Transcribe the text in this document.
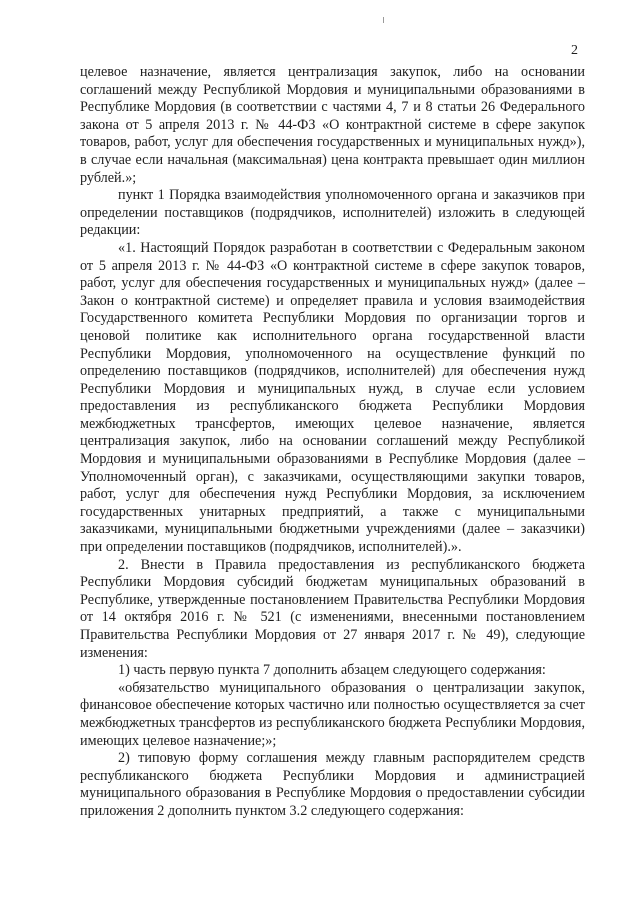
2

целевое назначение, является централизация закупок, либо на основании соглашений между Республикой Мордовия и муниципальными образованиями в Республике Мордовия (в соответствии с частями 4, 7 и 8 статьи 26 Федерального закона от 5 апреля 2013 г. № 44-ФЗ «О контрактной системе в сфере закупок товаров, работ, услуг для обеспечения государственных и муниципальных нужд»), в случае если начальная (максимальная) цена контракта превышает один миллион рублей.»;

пункт 1 Порядка взаимодействия уполномоченного органа и заказчиков при определении поставщиков (подрядчиков, исполнителей) изложить в следующей редакции:

«1. Настоящий Порядок разработан в соответствии с Федеральным законом от 5 апреля 2013 г. № 44-ФЗ «О контрактной системе в сфере закупок товаров, работ, услуг для обеспечения государственных и муниципальных нужд» (далее – Закон о контрактной системе) и определяет правила и условия взаимодействия Государственного комитета Республики Мордовия по организации торгов и ценовой политике как исполнительного органа государственной власти Республики Мордовия, уполномоченного на осуществление функций по определению поставщиков (подрядчиков, исполнителей) для обеспечения нужд Республики Мордовия и муниципальных нужд, в случае если условием предоставления из республиканского бюджета Республики Мордовия межбюджетных трансфертов, имеющих целевое назначение, является централизация закупок, либо на основании соглашений между Республикой Мордовия и муниципальными образованиями в Республике Мордовия (далее – Уполномоченный орган), с заказчиками, осуществляющими закупки товаров, работ, услуг для обеспечения нужд Республики Мордовия, за исключением государственных унитарных предприятий, а также с муниципальными заказчиками, муниципальными бюджетными учреждениями (далее – заказчики) при определении поставщиков (подрядчиков, исполнителей).».

2. Внести в Правила предоставления из республиканского бюджета Республики Мордовия субсидий бюджетам муниципальных образований в Республике, утвержденные постановлением Правительства Республики Мордовия от 14 октября 2016 г. № 521 (с изменениями, внесенными постановлением Правительства Республики Мордовия от 27 января 2017 г. № 49), следующие изменения:

1) часть первую пункта 7 дополнить абзацем следующего содержания:

«обязательство муниципального образования о централизации закупок, финансовое обеспечение которых частично или полностью осуществляется за счет межбюджетных трансфертов из республиканского бюджета Республики Мордовия, имеющих целевое назначение;»;

2) типовую форму соглашения между главным распорядителем средств республиканского бюджета Республики Мордовия и администрацией муниципального образования в Республике Мордовия о предоставлении субсидии приложения 2 дополнить пунктом 3.2 следующего содержания:
